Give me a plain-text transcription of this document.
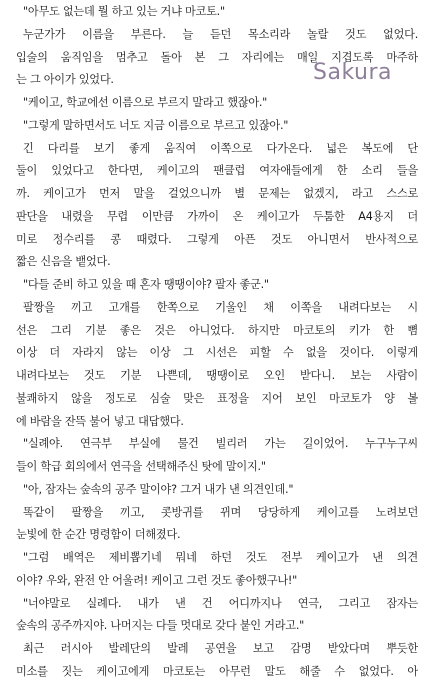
Sakura
"아무도 없는데 뭘 하고 있는 거냐 마코토."
누군가가 이름을 부른다. 늘 듣던 목소리라 놀랄 것도 없었다.
입술의 움직임을 멈추고 돌아 본 그 자리에는 매일 지겹도록 마주하
는 그 아이가 있었다.
"케이고, 학교에선 이름으로 부르지 말라고 했잖아."
"그렇게 말하면서도 너도 지금 이름으로 부르고 있잖아."
긴 다리를 보기 좋게 움직여 이쪽으로 다가온다. 넓은 복도에 단
둘이 있었다고 한다면, 케이고의 팬클럽 여자애들에게 한 소리 들을
까. 케이고가 먼저 말을 걸었으니까 별 문제는 없겠지, 라고 스스로
판단을 내렸을 무렵 이만큼 가까이 온 케이고가 두툼한 A4용지 더
미로 정수리를 콩 때렸다. 그렇게 아픈 것도 아니면서 반사적으로
짧은 신음을 뱉었다.
"다들 준비 하고 있을 때 혼자 땡땡이야? 팔자 좋군."
팔짱을 끼고 고개를 한쪽으로 기울인 채 이쪽을 내려다보는 시
선은 그리 기분 좋은 것은 아니었다. 하지만 마코토의 키가 한 뼘
이상 더 자라지 않는 이상 그 시선은 피할 수 없을 것이다. 이렇게
내려다보는 것도 기분 나쁜데, 땡땡이로 오인 받다니. 보는 사람이
불쾌하지 않을 정도로 심술 맞은 표정을 지어 보인 마코토가 양 볼
에 바람을 잔뜩 불어 넣고 대답했다.
"실례야. 연극부 부실에 물건 빌리러 가는 길이었어. 누구누구씨
들이 학급 회의에서 연극을 선택해주신 탓에 말이지."
"아, 잠자는 숲속의 공주 말이야? 그거 내가 낸 의견인데."
똑같이 팔짱을 끼고, 콧방귀를 뀌며 당당하게 케이고를 노려보던
눈빛에 한 순간 명령함이 더해졌다.
"그럼 배역은 제비뽑기네 뭐네 하던 것도 전부 케이고가 낸 의견
이야? 우와, 완전 안 어울려! 케이고 그런 것도 좋아했구나!"
"너야말로 실례다. 내가 낸 건 어디까지나 연극, 그리고 잠자는
숲속의 공주까지야. 나머지는 다들 멋대로 갖다 붙인 거라고."
최근 러시아 발레단의 발레 공연을 보고 감명 받았다며 뿌듯한
미소를 짓는 케이고에게 마코토는 아무런 말도 해줄 수 없었다. 아
